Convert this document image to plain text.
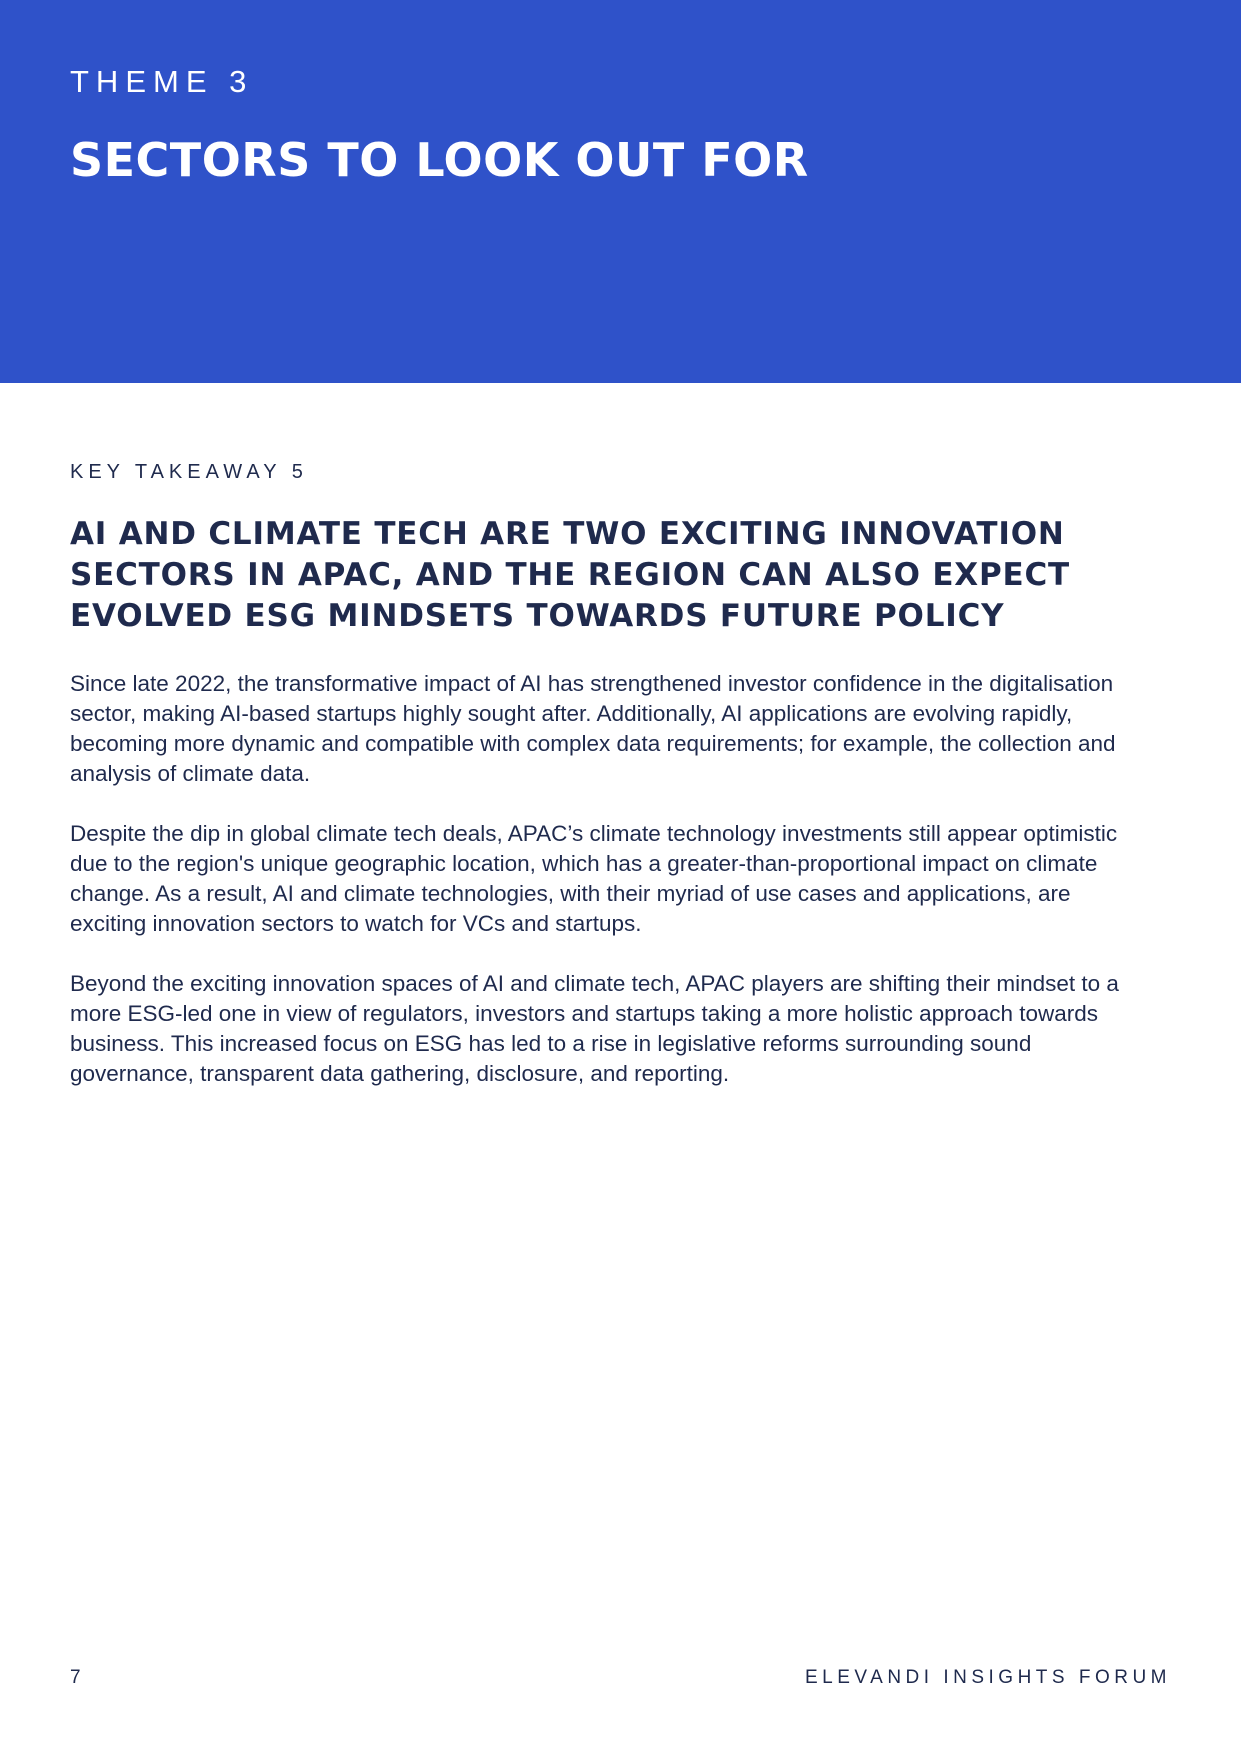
THEME 3

SECTORS TO LOOK OUT FOR

KEY TAKEAWAY 5

AI AND CLIMATE TECH ARE TWO EXCITING INNOVATION SECTORS IN APAC, AND THE REGION CAN ALSO EXPECT EVOLVED ESG MINDSETS TOWARDS FUTURE POLICY

Since late 2022, the transformative impact of AI has strengthened investor confidence in the digitalisation sector, making AI-based startups highly sought after. Additionally, AI applications are evolving rapidly, becoming more dynamic and compatible with complex data requirements; for example, the collection and analysis of climate data.

Despite the dip in global climate tech deals, APAC’s climate technology investments still appear optimistic due to the region's unique geographic location, which has a greater-than-proportional impact on climate change. As a result, AI and climate technologies, with their myriad of use cases and applications, are exciting innovation sectors to watch for VCs and startups.

Beyond the exciting innovation spaces of AI and climate tech, APAC players are shifting their mindset to a more ESG-led one in view of regulators, investors and startups taking a more holistic approach towards business. This increased focus on ESG has led to a rise in legislative reforms surrounding sound governance, transparent data gathering, disclosure, and reporting.

7	ELEVANDI INSIGHTS FORUM
